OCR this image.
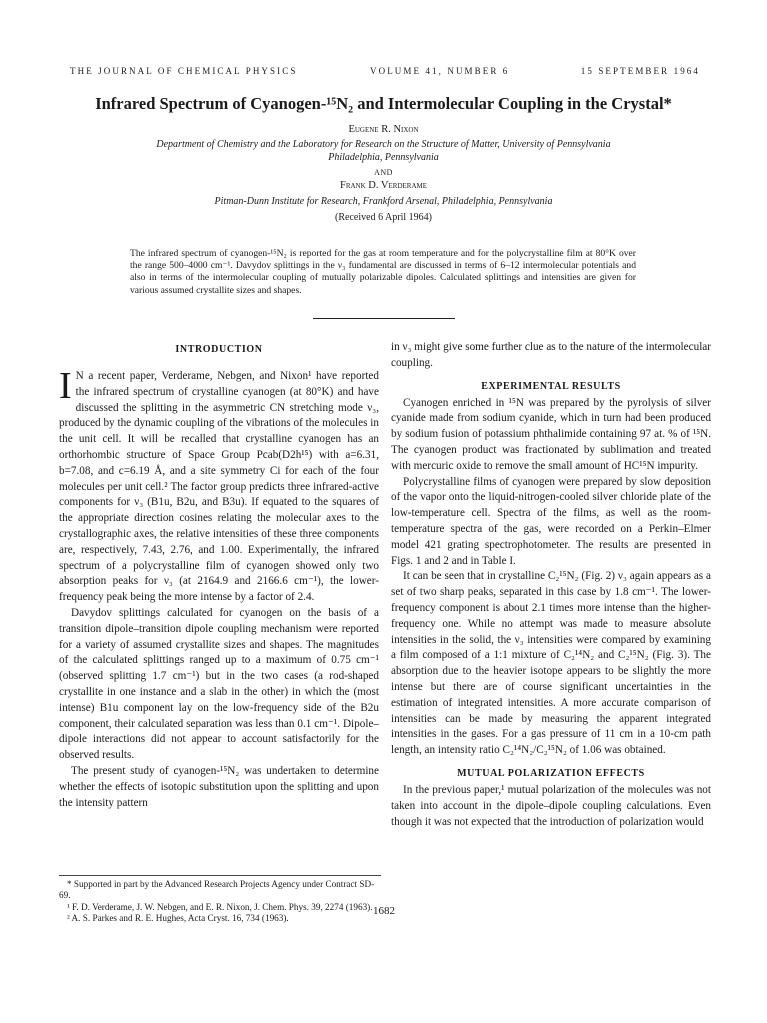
THE JOURNAL OF CHEMICAL PHYSICS	VOLUME 41, NUMBER 6	15 SEPTEMBER 1964
Infrared Spectrum of Cyanogen-¹⁵N₂ and Intermolecular Coupling in the Crystal*
Eugene R. Nixon
Department of Chemistry and the Laboratory for Research on the Structure of Matter, University of Pennsylvania
Philadelphia, Pennsylvania
AND
Frank D. Verderame
Pitman-Dunn Institute for Research, Frankford Arsenal, Philadelphia, Pennsylvania
(Received 6 April 1964)
The infrared spectrum of cyanogen-¹⁵N₂ is reported for the gas at room temperature and for the polycrystalline film at 80°K over the range 500–4000 cm⁻¹. Davydov splittings in the ν₃ fundamental are discussed in terms of 6–12 intermolecular potentials and also in terms of the intermolecular coupling of mutually polarizable dipoles. Calculated splittings and intensities are given for various assumed crystallite sizes and shapes.
INTRODUCTION

I N a recent paper, Verderame, Nebgen, and Nixon¹ have reported the infrared spectrum of crystalline cyanogen (at 80°K) and have discussed the splitting in the asymmetric CN stretching mode ν₃, produced by the dynamic coupling of the vibrations of the molecules in the unit cell. It will be recalled that crystalline cyanogen has an orthorhombic structure of Space Group Pcab(D2h¹⁵) with a=6.31, b=7.08, and c=6.19 Å, and a site symmetry Ci for each of the four molecules per unit cell.² The factor group predicts three infrared-active components for ν₃ (B1u, B2u, and B3u). If equated to the squares of the appropriate direction cosines relating the molecular axes to the crystallographic axes, the relative intensities of these three components are, respectively, 7.43, 2.76, and 1.00. Experimentally, the infrared spectrum of a polycrystalline film of cyanogen showed only two absorption peaks for ν₃ (at 2164.9 and 2166.6 cm⁻¹), the lower-frequency peak being the more intense by a factor of 2.4.

Davydov splittings calculated for cyanogen on the basis of a transition dipole–transition dipole coupling mechanism were reported for a variety of assumed crystallite sizes and shapes. The magnitudes of the calculated splittings ranged up to a maximum of 0.75 cm⁻¹ (observed splitting 1.7 cm⁻¹) but in the two cases (a rod-shaped crystallite in one instance and a slab in the other) in which the (most intense) B1u component lay on the low-frequency side of the B2u component, their calculated separation was less than 0.1 cm⁻¹. Dipole–dipole interactions did not appear to account satisfactorily for the observed results.

The present study of cyanogen-¹⁵N₂ was undertaken to determine whether the effects of isotopic substitution upon the splitting and upon the intensity pattern

in ν₃ might give some further clue as to the nature of the intermolecular coupling.

EXPERIMENTAL RESULTS

Cyanogen enriched in ¹⁵N was prepared by the pyrolysis of silver cyanide made from sodium cyanide, which in turn had been produced by sodium fusion of potassium phthalimide containing 97 at. % of ¹⁵N. The cyanogen product was fractionated by sublimation and treated with mercuric oxide to remove the small amount of HC¹⁵N impurity.

Polycrystalline films of cyanogen were prepared by slow deposition of the vapor onto the liquid-nitrogen-cooled silver chloride plate of the low-temperature cell. Spectra of the films, as well as the room-temperature spectra of the gas, were recorded on a Perkin–Elmer model 421 grating spectrophotometer. The results are presented in Figs. 1 and 2 and in Table I.

It can be seen that in crystalline C₂¹⁵N₂ (Fig. 2) ν₃ again appears as a set of two sharp peaks, separated in this case by 1.8 cm⁻¹. The lower-frequency component is about 2.1 times more intense than the higher-frequency one. While no attempt was made to measure absolute intensities in the solid, the ν₃ intensities were compared by examining a film composed of a 1:1 mixture of C₂¹⁴N₂ and C₂¹⁵N₂ (Fig. 3). The absorption due to the heavier isotope appears to be slightly the more intense but there are of course significant uncertainties in the estimation of integrated intensities. A more accurate comparison of intensities can be made by measuring the apparent integrated intensities in the gases. For a gas pressure of 11 cm in a 10-cm path length, an intensity ratio C₂¹⁴N₂/C₂¹⁵N₂ of 1.06 was obtained.

MUTUAL POLARIZATION EFFECTS

In the previous paper,¹ mutual polarization of the molecules was not taken into account in the dipole–dipole coupling calculations. Even though it was not expected that the introduction of polarization would

* Supported in part by the Advanced Research Projects Agency under Contract SD-69.
¹ F. D. Verderame, J. W. Nebgen, and E. R. Nixon, J. Chem. Phys. 39, 2274 (1963).
² A. S. Parkes and R. E. Hughes, Acta Cryst. 16, 734 (1963).
1682
